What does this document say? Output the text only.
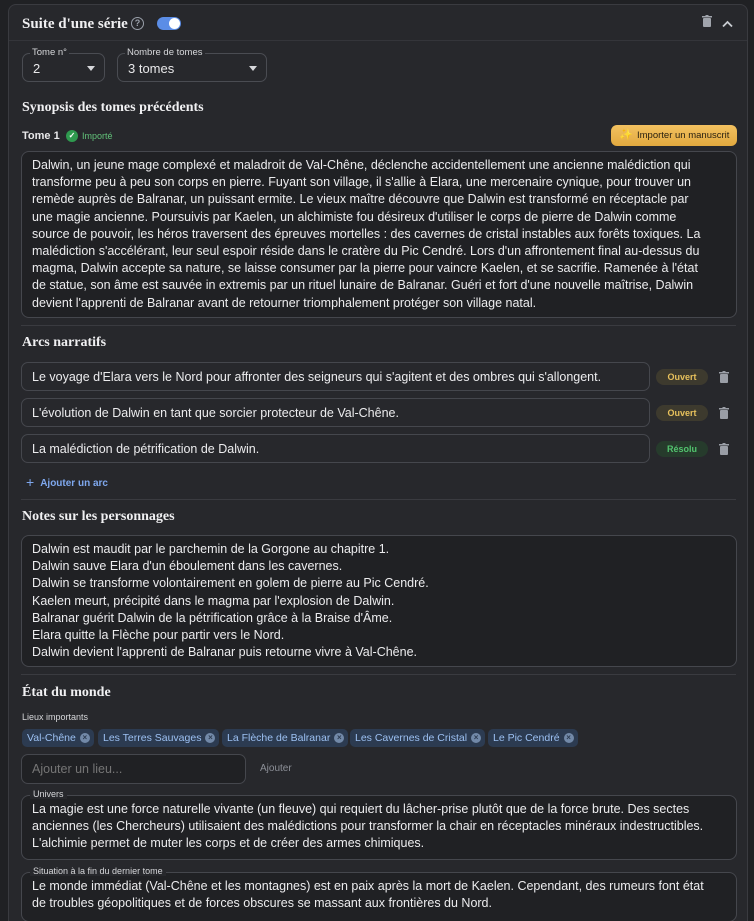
Suite d'une série ?
2
Tome n°
3 tomes
Nombre de tomes
Synopsis des tomes précédents
Tome 1
✓	Importé	✨ Importer un manuscrit
Dalwin, un jeune mage complexé et maladroit de Val-Chêne, déclenche accidentellement une ancienne malédiction qui
transforme peu à peu son corps en pierre. Fuyant son village, il s'allie à Elara, une mercenaire cynique, pour trouver un
remède auprès de Balranar, un puissant ermite. Le vieux maître découvre que Dalwin est transformé en réceptacle par
une magie ancienne. Poursuivis par Kaelen, un alchimiste fou désireux d'utiliser le corps de pierre de Dalwin comme
source de pouvoir, les héros traversent des épreuves mortelles : des cavernes de cristal instables aux forêts toxiques. La
malédiction s'accélérant, leur seul espoir réside dans le cratère du Pic Cendré. Lors d'un affrontement final au-dessus du
magma, Dalwin accepte sa nature, se laisse consumer par la pierre pour vaincre Kaelen, et se sacrifie. Ramenée à l'état
de statue, son âme est sauvée in extremis par un rituel lunaire de Balranar. Guéri et fort d'une nouvelle maîtrise, Dalwin
devient l'apprenti de Balranar avant de retourner triomphalement protéger son village natal.
Arcs narratifs
Le voyage d'Elara vers le Nord pour affronter des seigneurs qui s'agitent et des ombres qui s'allongent.	Ouvert
L'évolution de Dalwin en tant que sorcier protecteur de Val-Chêne.	Ouvert
La malédiction de pétrification de Dalwin.	Résolu
+ Ajouter un arc
Notes sur les personnages
Dalwin est maudit par le parchemin de la Gorgone au chapitre 1.
Dalwin sauve Elara d'un éboulement dans les cavernes.
Dalwin se transforme volontairement en golem de pierre au Pic Cendré.
Kaelen meurt, précipité dans le magma par l'explosion de Dalwin.
Balranar guérit Dalwin de la pétrification grâce à la Braise d'Âme.
Elara quitte la Flèche pour partir vers le Nord.
Dalwin devient l'apprenti de Balranar puis retourne vivre à Val-Chêne.
État du monde
Lieux importants
Val-Chêne ×	Les Terres Sauvages ×	La Flèche de Balranar ×	Les Cavernes de Cristal ×	Le Pic Cendré ×
Ajouter un lieu...
Ajouter
La magie est une force naturelle vivante (un fleuve) qui requiert du lâcher-prise plutôt que de la force brute. Des sectes
anciennes (les Chercheurs) utilisaient des malédictions pour transformer la chair en réceptacles minéraux indestructibles.
L'alchimie permet de muter les corps et de créer des armes chimiques.
Univers
Le monde immédiat (Val-Chêne et les montagnes) est en paix après la mort de Kaelen. Cependant, des rumeurs font état
de troubles géopolitiques et de forces obscures se massant aux frontières du Nord.
Situation à la fin du dernier tome
